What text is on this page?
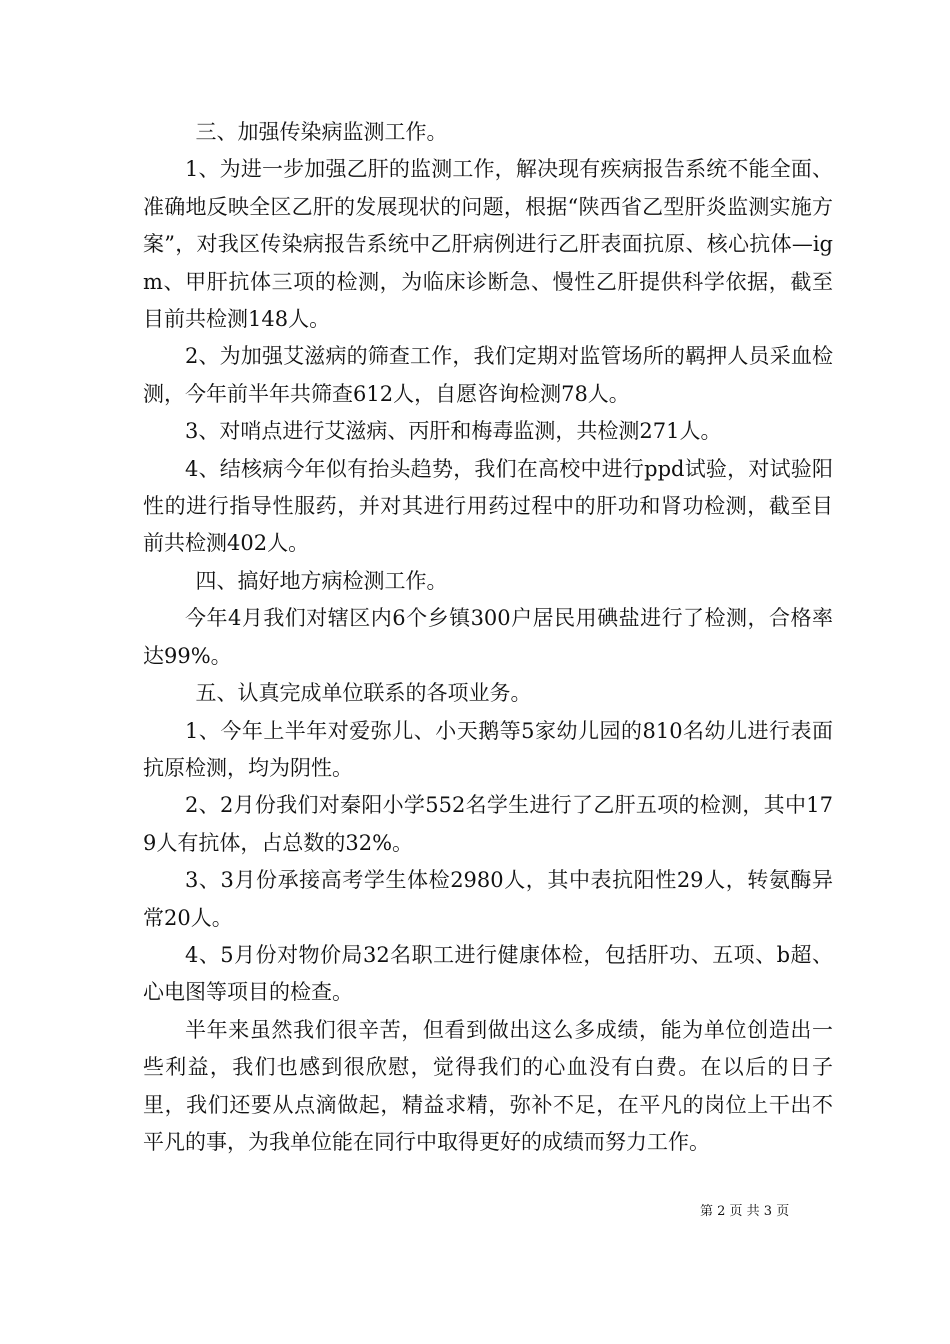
三、加强传染病监测工作。

1、为进一步加强乙肝的监测工作，解决现有疾病报告系统不能全面、准确地反映全区乙肝的发展现状的问题，根据“陕西省乙型肝炎监测实施方案”，对我区传染病报告系统中乙肝病例进行乙肝表面抗原、核心抗体—igm、甲肝抗体三项的检测，为临床诊断急、慢性乙肝提供科学依据，截至目前共检测148人。

2、为加强艾滋病的筛查工作，我们定期对监管场所的羁押人员采血检测，今年前半年共筛查612人，自愿咨询检测78人。

3、对哨点进行艾滋病、丙肝和梅毒监测，共检测271人。

4、结核病今年似有抬头趋势，我们在高校中进行ppd试验，对试验阳性的进行指导性服药，并对其进行用药过程中的肝功和肾功检测，截至目前共检测402人。

四、搞好地方病检测工作。

今年4月我们对辖区内6个乡镇300户居民用碘盐进行了检测，合格率达99%。

五、认真完成单位联系的各项业务。

1、今年上半年对爱弥儿、小天鹅等5家幼儿园的810名幼儿进行表面抗原检测，均为阴性。

2、2月份我们对秦阳小学552名学生进行了乙肝五项的检测，其中179人有抗体，占总数的32%。

3、3月份承接高考学生体检2980人，其中表抗阳性29人，转氨酶异常20人。

4、5月份对物价局32名职工进行健康体检，包括肝功、五项、b超、心电图等项目的检查。

半年来虽然我们很辛苦，但看到做出这么多成绩，能为单位创造出一些利益，我们也感到很欣慰，觉得我们的心血没有白费。在以后的日子里，我们还要从点滴做起，精益求精，弥补不足，在平凡的岗位上干出不平凡的事，为我单位能在同行中取得更好的成绩而努力工作。

第 2 页 共 3 页
